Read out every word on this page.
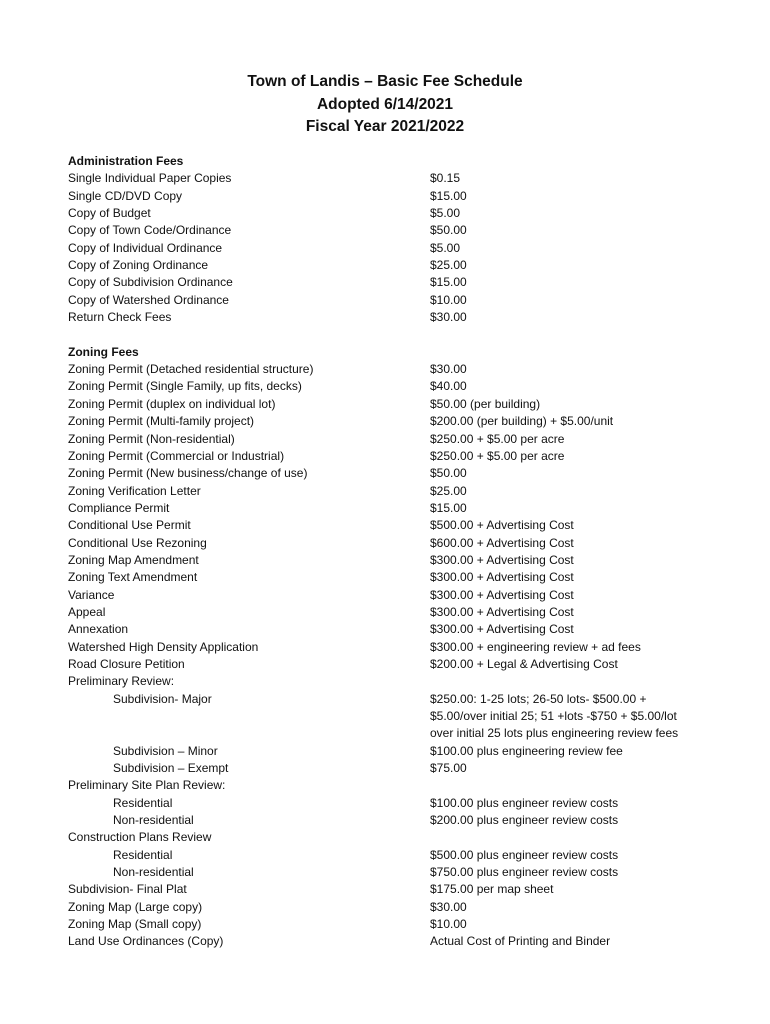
Town of Landis – Basic Fee Schedule
Adopted 6/14/2021
Fiscal Year 2021/2022
Administration Fees
Single Individual Paper Copies	$0.15
Single CD/DVD Copy	$15.00
Copy of Budget	$5.00
Copy of Town Code/Ordinance	$50.00
Copy of Individual Ordinance	$5.00
Copy of Zoning Ordinance	$25.00
Copy of Subdivision Ordinance	$15.00
Copy of Watershed Ordinance	$10.00
Return Check Fees	$30.00
Zoning Fees
Zoning Permit (Detached residential structure)	$30.00
Zoning Permit (Single Family, up fits, decks)	$40.00
Zoning Permit (duplex on individual lot)	$50.00 (per building)
Zoning Permit (Multi-family project)	$200.00 (per building) + $5.00/unit
Zoning Permit (Non-residential)	$250.00 + $5.00 per acre
Zoning Permit (Commercial or Industrial)	$250.00 + $5.00 per acre
Zoning Permit (New business/change of use)	$50.00
Zoning Verification Letter	$25.00
Compliance Permit	$15.00
Conditional Use Permit	$500.00 + Advertising Cost
Conditional Use Rezoning	$600.00 + Advertising Cost
Zoning Map Amendment	$300.00 + Advertising Cost
Zoning Text Amendment	$300.00 + Advertising Cost
Variance	$300.00 + Advertising Cost
Appeal	$300.00 + Advertising Cost
Annexation	$300.00 + Advertising Cost
Watershed High Density Application	$300.00 + engineering review + ad fees
Road Closure Petition	$200.00 + Legal & Advertising Cost
Preliminary Review:
Subdivision- Major	$250.00: 1-25 lots; 26-50 lots- $500.00 +
$5.00/over initial 25; 51 +lots -$750 + $5.00/lot
over initial 25 lots plus engineering review fees
Subdivision – Minor	$100.00 plus engineering review fee
Subdivision – Exempt	$75.00
Preliminary Site Plan Review:
Residential	$100.00 plus engineer review costs
Non-residential	$200.00 plus engineer review costs
Construction Plans Review
Residential	$500.00 plus engineer review costs
Non-residential	$750.00 plus engineer review costs
Subdivision- Final Plat	$175.00 per map sheet
Zoning Map (Large copy)	$30.00
Zoning Map (Small copy)	$10.00
Land Use Ordinances (Copy)	Actual Cost of Printing and Binder
